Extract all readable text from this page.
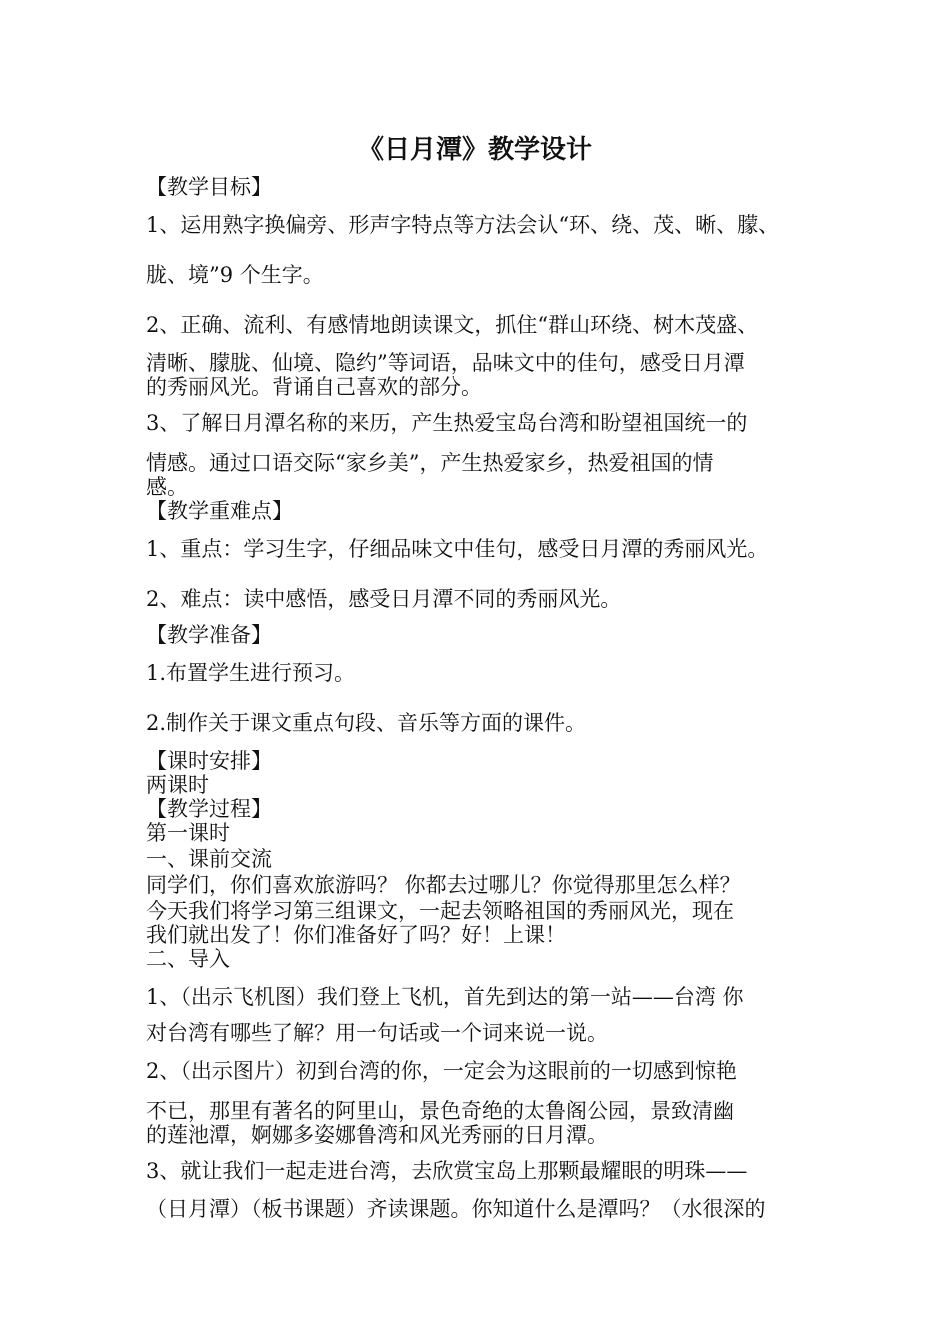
《日月潭》教学设计
【教学目标】
1、运用熟字换偏旁、形声字特点等方法会认“环、绕、茂、晰、朦、
胧、境”9 个生字。
2、正确、流利、有感情地朗读课文，抓住“群山环绕、树木茂盛、
清晰、朦胧、仙境、隐约”等词语，品味文中的佳句，感受日月潭
的秀丽风光。背诵自己喜欢的部分。
3、了解日月潭名称的来历，产生热爱宝岛台湾和盼望祖国统一的
情感。通过口语交际“家乡美”，产生热爱家乡，热爱祖国的情
感。
【教学重难点】
1、重点：学习生字，仔细品味文中佳句，感受日月潭的秀丽风光。
2、难点：读中感悟，感受日月潭不同的秀丽风光。
【教学准备】
1.布置学生进行预习。
2.制作关于课文重点句段、音乐等方面的课件。
【课时安排】
两课时
【教学过程】
第一课时
一、课前交流
同学们，你们喜欢旅游吗？ 你都去过哪儿？你觉得那里怎么样？
今天我们将学习第三组课文，一起去领略祖国的秀丽风光，现在
我们就出发了！你们准备好了吗？好！上课！
二、导入
1、（出示飞机图）我们登上飞机，首先到达的第一站——台湾 你
对台湾有哪些了解？用一句话或一个词来说一说。
2、（出示图片）初到台湾的你，一定会为这眼前的一切感到惊艳
不已，那里有著名的阿里山，景色奇绝的太鲁阁公园，景致清幽
的莲池潭，婀娜多姿娜鲁湾和风光秀丽的日月潭。
3、就让我们一起走进台湾，去欣赏宝岛上那颗最耀眼的明珠——
（日月潭）（板书课题）齐读课题。你知道什么是潭吗？（水很深的
